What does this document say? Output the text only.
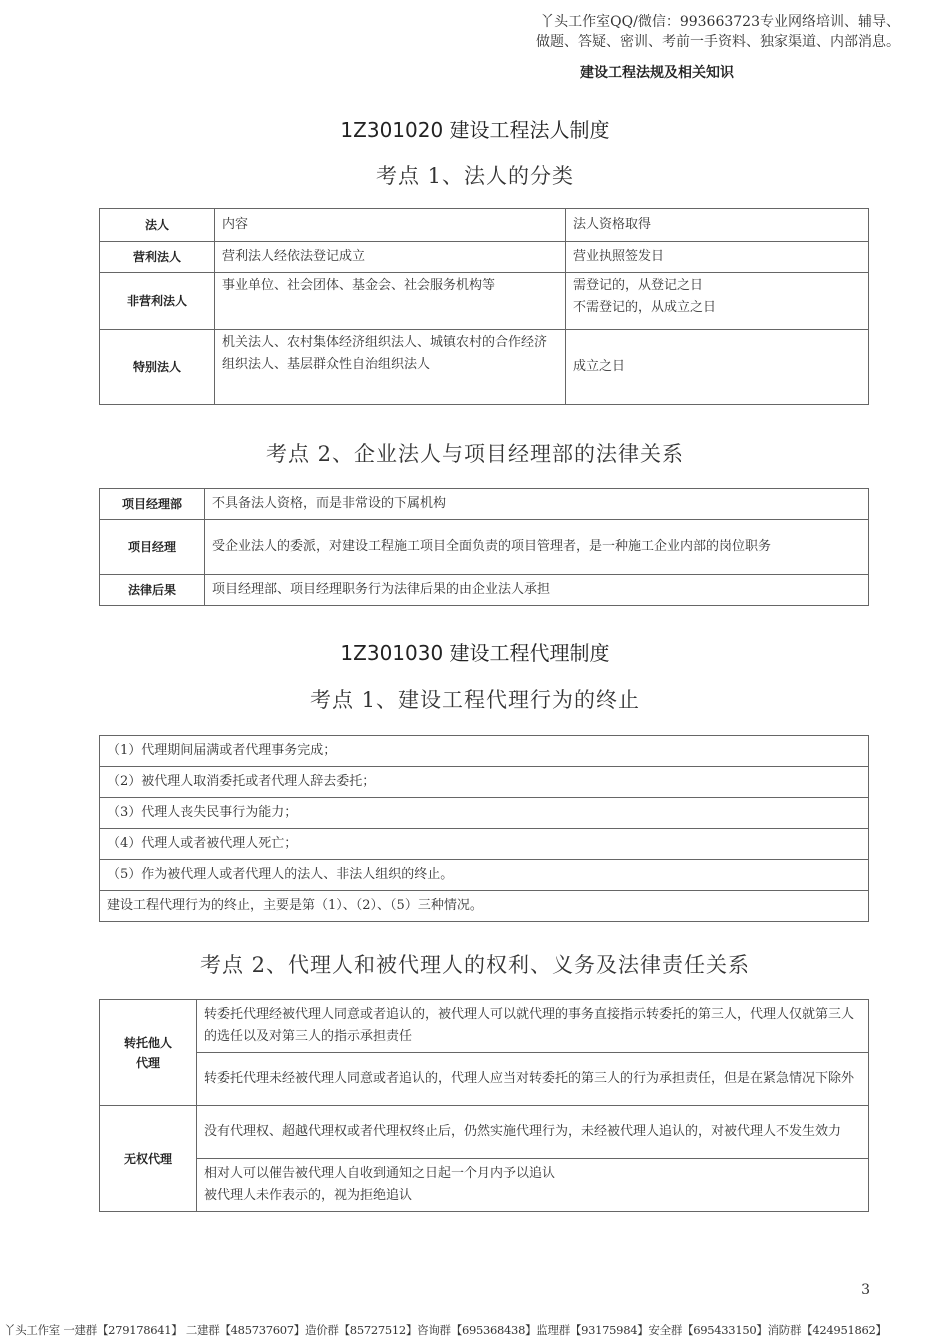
丫头工作室QQ/微信：993663723专业网络培训、辅导、
做题、答疑、密训、考前一手资料、独家渠道、内部消息。
建设工程法规及相关知识
1Z301020 建设工程法人制度
考点 1、法人的分类
法人	内容	法人资格取得
营利法人	营利法人经依法登记成立	营业执照签发日
非营利法人	事业单位、社会团体、基金会、社会服务机构等	需登记的，从登记之日
不需登记的，从成立之日

特别法人	机关法人、农村集体经济组织法人、城镇农村的合作经济组织法人、基层群众性自治组织法人	成立之日
考点 2、企业法人与项目经理部的法律关系
项目经理部	不具备法人资格，而是非常设的下属机构
项目经理	受企业法人的委派，对建设工程施工项目全面负责的项目管理者，是一种施工企业内部的岗位职务
法律后果	项目经理部、项目经理职务行为法律后果的由企业法人承担
1Z301030 建设工程代理制度
考点 1、建设工程代理行为的终止
（1）代理期间届满或者代理事务完成；
（2）被代理人取消委托或者代理人辞去委托；
（3）代理人丧失民事行为能力；
（4）代理人或者被代理人死亡；
（5）作为被代理人或者代理人的法人、非法人组织的终止。
建设工程代理行为的终止，主要是第（1）、（2）、（5）三种情况。
考点 2、代理人和被代理人的权利、义务及法律责任关系
转托他人
代理	转委托代理经被代理人同意或者追认的，被代理人可以就代理的事务直接指示转委托的第三人，代理人仅就第三人的选任以及对第三人的指示承担责任
	转委托代理未经被代理人同意或者追认的，代理人应当对转委托的第三人的行为承担责任，但是在紧急情况下除外
无权代理	没有代理权、超越代理权或者代理权终止后，仍然实施代理行为，未经被代理人追认的，对被代理人不发生效力

	相对人可以催告被代理人自收到通知之日起一个月内予以追认
被代理人未作表示的，视为拒绝追认
3
丫头工作室 一建群【279178641】 二建群【485737607】造价群【85727512】咨询群【695368438】监理群【93175984】安全群【695433150】消防群【424951862】
